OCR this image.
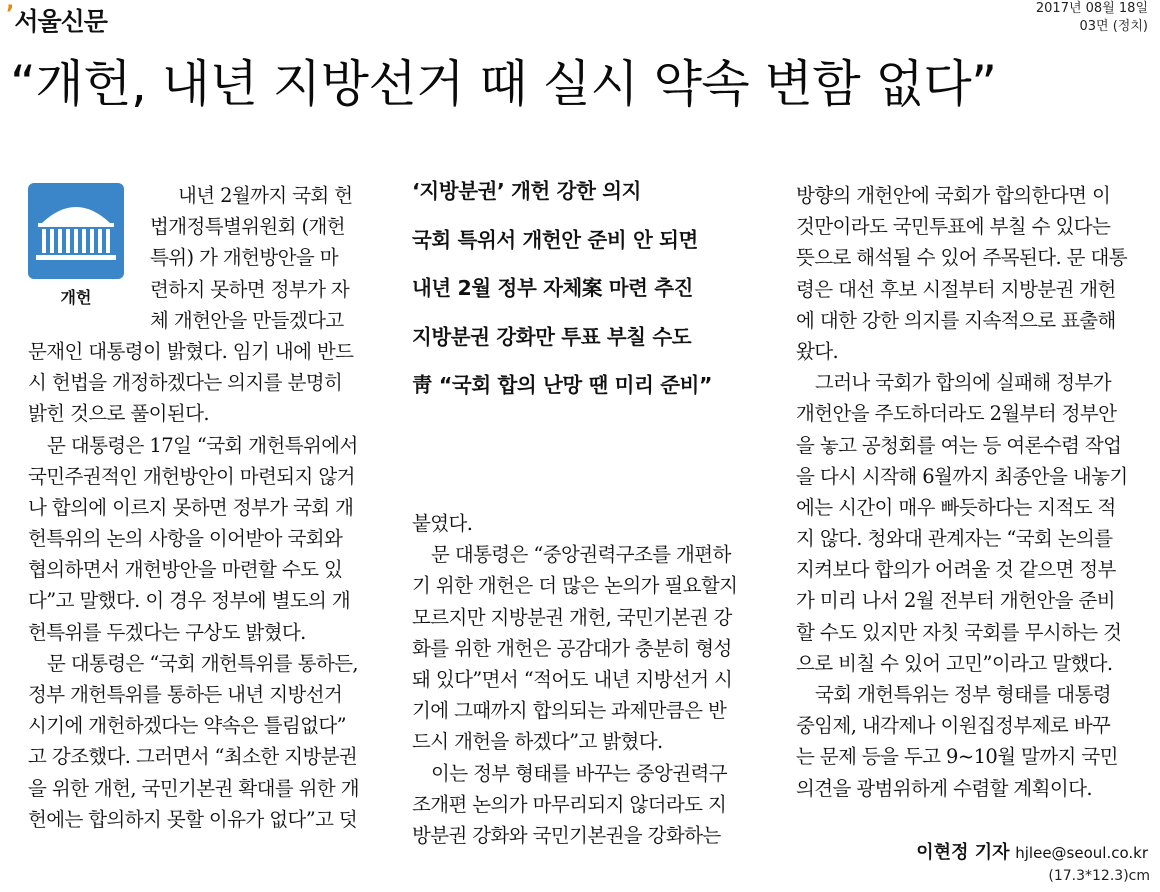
’서울신문	2017년 08월 18일
03면 (정치)
“개헌, 내년 지방선거 때 실시 약속 변함 없다”
개헌
내년 2월까지 국회 헌
법개정특별위원회 (개헌
특위) 가 개헌방안을 마
련하지 못하면 정부가 자
체 개헌안을 만들겠다고
문재인 대통령이 밝혔다. 임기 내에 반드
시 헌법을 개정하겠다는 의지를 분명히
밝힌 것으로 풀이된다.
문 대통령은 17일 “국회 개헌특위에서
국민주권적인 개헌방안이 마련되지 않거
나 합의에 이르지 못하면 정부가 국회 개
헌특위의 논의 사항을 이어받아 국회와
협의하면서 개헌방안을 마련할 수도 있
다”고 말했다. 이 경우 정부에 별도의 개
헌특위를 두겠다는 구상도 밝혔다.
문 대통령은 “국회 개헌특위를 통하든,
정부 개헌특위를 통하든 내년 지방선거
시기에 개헌하겠다는 약속은 틀림없다”
고 강조했다. 그러면서 “최소한 지방분권
을 위한 개헌, 국민기본권 확대를 위한 개
헌에는 합의하지 못할 이유가 없다”고 덧
‘지방분권’ 개헌 강한 의지
국회 특위서 개헌안 준비 안 되면
내년 2월 정부 자체案 마련 추진
지방분권 강화만 투표 부칠 수도
靑 “국회 합의 난망 땐 미리 준비”
붙였다.
문 대통령은 “중앙권력구조를 개편하
기 위한 개헌은 더 많은 논의가 필요할지
모르지만 지방분권 개헌, 국민기본권 강
화를 위한 개헌은 공감대가 충분히 형성
돼 있다”면서 “적어도 내년 지방선거 시
기에 그때까지 합의되는 과제만큼은 반
드시 개헌을 하겠다”고 밝혔다.
이는 정부 형태를 바꾸는 중앙권력구
조개편 논의가 마무리되지 않더라도 지
방분권 강화와 국민기본권을 강화하는
방향의 개헌안에 국회가 합의한다면 이
것만이라도 국민투표에 부칠 수 있다는
뜻으로 해석될 수 있어 주목된다. 문 대통
령은 대선 후보 시절부터 지방분권 개헌
에 대한 강한 의지를 지속적으로 표출해
왔다.
그러나 국회가 합의에 실패해 정부가
개헌안을 주도하더라도 2월부터 정부안
을 놓고 공청회를 여는 등 여론수렴 작업
을 다시 시작해 6월까지 최종안을 내놓기
에는 시간이 매우 빠듯하다는 지적도 적
지 않다. 청와대 관계자는 “국회 논의를
지켜보다 합의가 어려울 것 같으면 정부
가 미리 나서 2월 전부터 개헌안을 준비
할 수도 있지만 자칫 국회를 무시하는 것
으로 비칠 수 있어 고민”이라고 말했다.
국회 개헌특위는 정부 형태를 대통령
중임제, 내각제나 이원집정부제로 바꾸
는 문제 등을 두고 9~10월 말까지 국민
의견을 광범위하게 수렴할 계획이다.
이현정 기자 hjlee@seoul.co.kr
(17.3*12.3)cm
